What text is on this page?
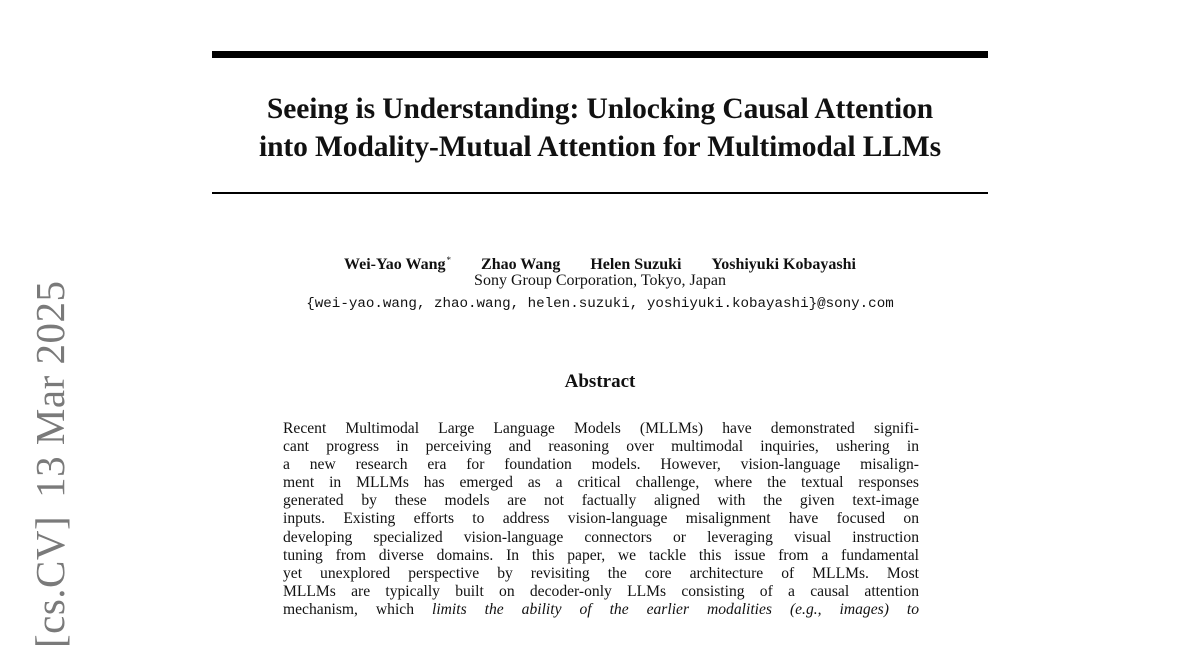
[cs.CV]13 Mar 2025
Seeing is Understanding: Unlocking Causal Attention
into Modality-Mutual Attention for Multimodal LLMs
Wei-Yao Wang* Zhao Wang Helen Suzuki Yoshiyuki Kobayashi
Sony Group Corporation, Tokyo, Japan
{wei-yao.wang, zhao.wang, helen.suzuki, yoshiyuki.kobayashi}@sony.com
Abstract
Recent Multimodal Large Language Models (MLLMs) have demonstrated signifi-
cant progress in perceiving and reasoning over multimodal inquiries, ushering in
a new research era for foundation models. However, vision-language misalign-
ment in MLLMs has emerged as a critical challenge, where the textual responses
generated by these models are not factually aligned with the given text-image
inputs. Existing efforts to address vision-language misalignment have focused on
developing specialized vision-language connectors or leveraging visual instruction
tuning from diverse domains. In this paper, we tackle this issue from a fundamental
yet unexplored perspective by revisiting the core architecture of MLLMs. Most
MLLMs are typically built on decoder-only LLMs consisting of a causal attention
mechanism, which limits the ability of the earlier modalities (e.g., images) to
